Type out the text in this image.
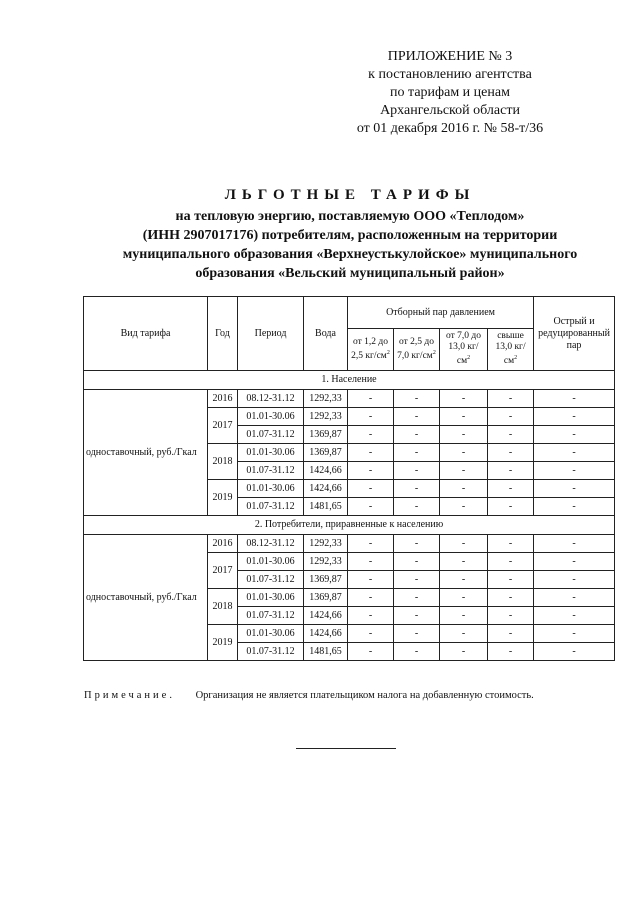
ПРИЛОЖЕНИЕ № 3
к постановлению агентства
по тарифам и ценам
Архангельской области
от 01 декабря 2016 г. № 58-т/36
ЛЬГОТНЫЕ ТАРИФЫ
на тепловую энергию, поставляемую ООО «Теплодом»
(ИНН 2907017176) потребителям, расположенным на территории
муниципального образования «Верхнеустькулойское» муниципального
образования «Вельский муниципальный район»
Вид тарифа	Год	Период	Вода	Отборный пар давлением				Острый и редуцированный пар
				от 1,2 до 2,5 $кг/см^2$	от 2,5 до 7,0 $кг/см^2$	от 7,0 до 13,0 $кг/см^2$	свыше 13,0 $кг/см^2$
1. Население								
одноставочный, руб./Гкал	2016	08.12-31.12	1292,33	-	-	-	-	-
	2017	01.01-30.06	1292,33	-	-	-	-	-
		01.07-31.12	1369,87	-	-	-	-	-
	2018	01.01-30.06	1369,87	-	-	-	-	-
		01.07-31.12	1424,66	-	-	-	-	-
	2019	01.01-30.06	1424,66	-	-	-	-	-
		01.07-31.12	1481,65	-	-	-	-	-
2. Потребители, приравненные к населению								
одноставочный, руб./Гкал	2016	08.12-31.12	1292,33	-	-	-	-	-
	2017	01.01-30.06	1292,33	-	-	-	-	-
		01.07-31.12	1369,87	-	-	-	-	-
	2018	01.01-30.06	1369,87	-	-	-	-	-
		01.07-31.12	1424,66	-	-	-	-	-
	2019	01.01-30.06	1424,66	-	-	-	-	-
		01.07-31.12	1481,65	-	-	-	-	-
Примечание. Организация не является плательщиком налога на добавленную стоимость.
